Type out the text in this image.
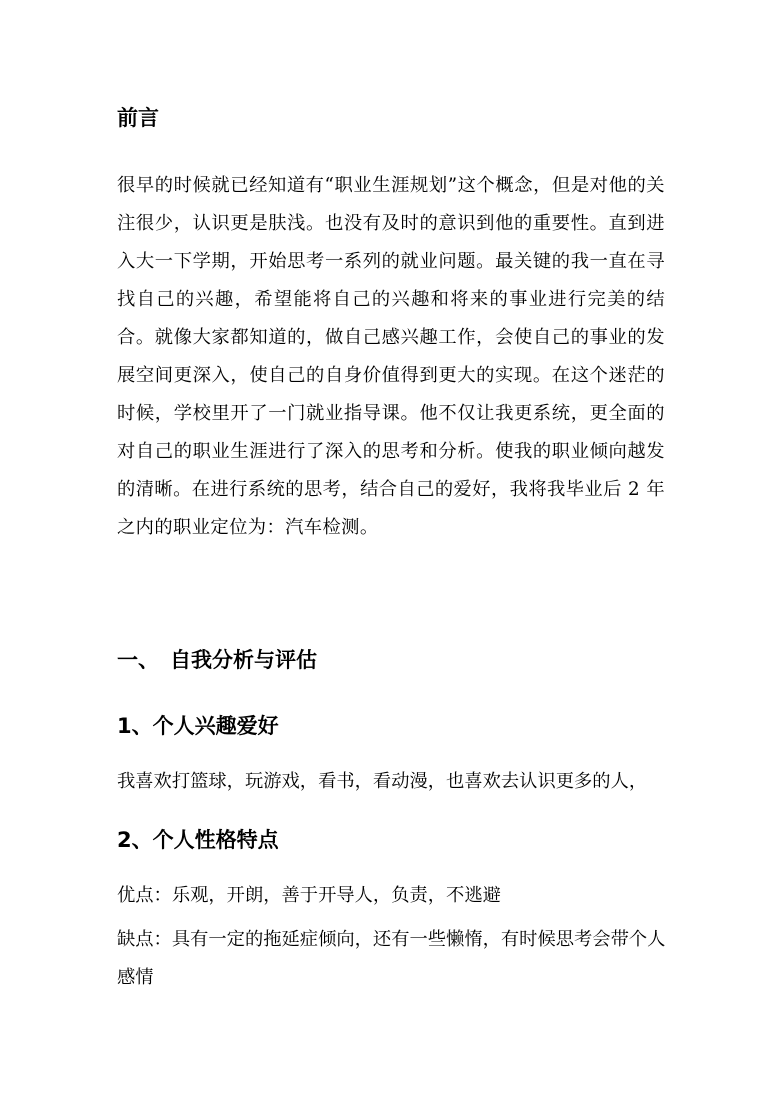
前言
很早的时候就已经知道有“职业生涯规划”这个概念，但是对他的关注很少，认识更是肤浅。也没有及时的意识到他的重要性。直到进入大一下学期，开始思考一系列的就业问题。最关键的我一直在寻找自己的兴趣，希望能将自己的兴趣和将来的事业进行完美的结合。就像大家都知道的，做自己感兴趣工作，会使自己的事业的发展空间更深入，使自己的自身价值得到更大的实现。在这个迷茫的时候，学校里开了一门就业指导课。他不仅让我更系统，更全面的对自己的职业生涯进行了深入的思考和分析。使我的职业倾向越发的清晰。在进行系统的思考，结合自己的爱好，我将我毕业后 2 年之内的职业定位为：汽车检测。
一、 自我分析与评估
1、个人兴趣爱好
我喜欢打篮球，玩游戏，看书，看动漫，也喜欢去认识更多的人，
2、个人性格特点
优点：乐观，开朗，善于开导人，负责，不逃避
缺点：具有一定的拖延症倾向，还有一些懒惰，有时候思考会带个人
感情
